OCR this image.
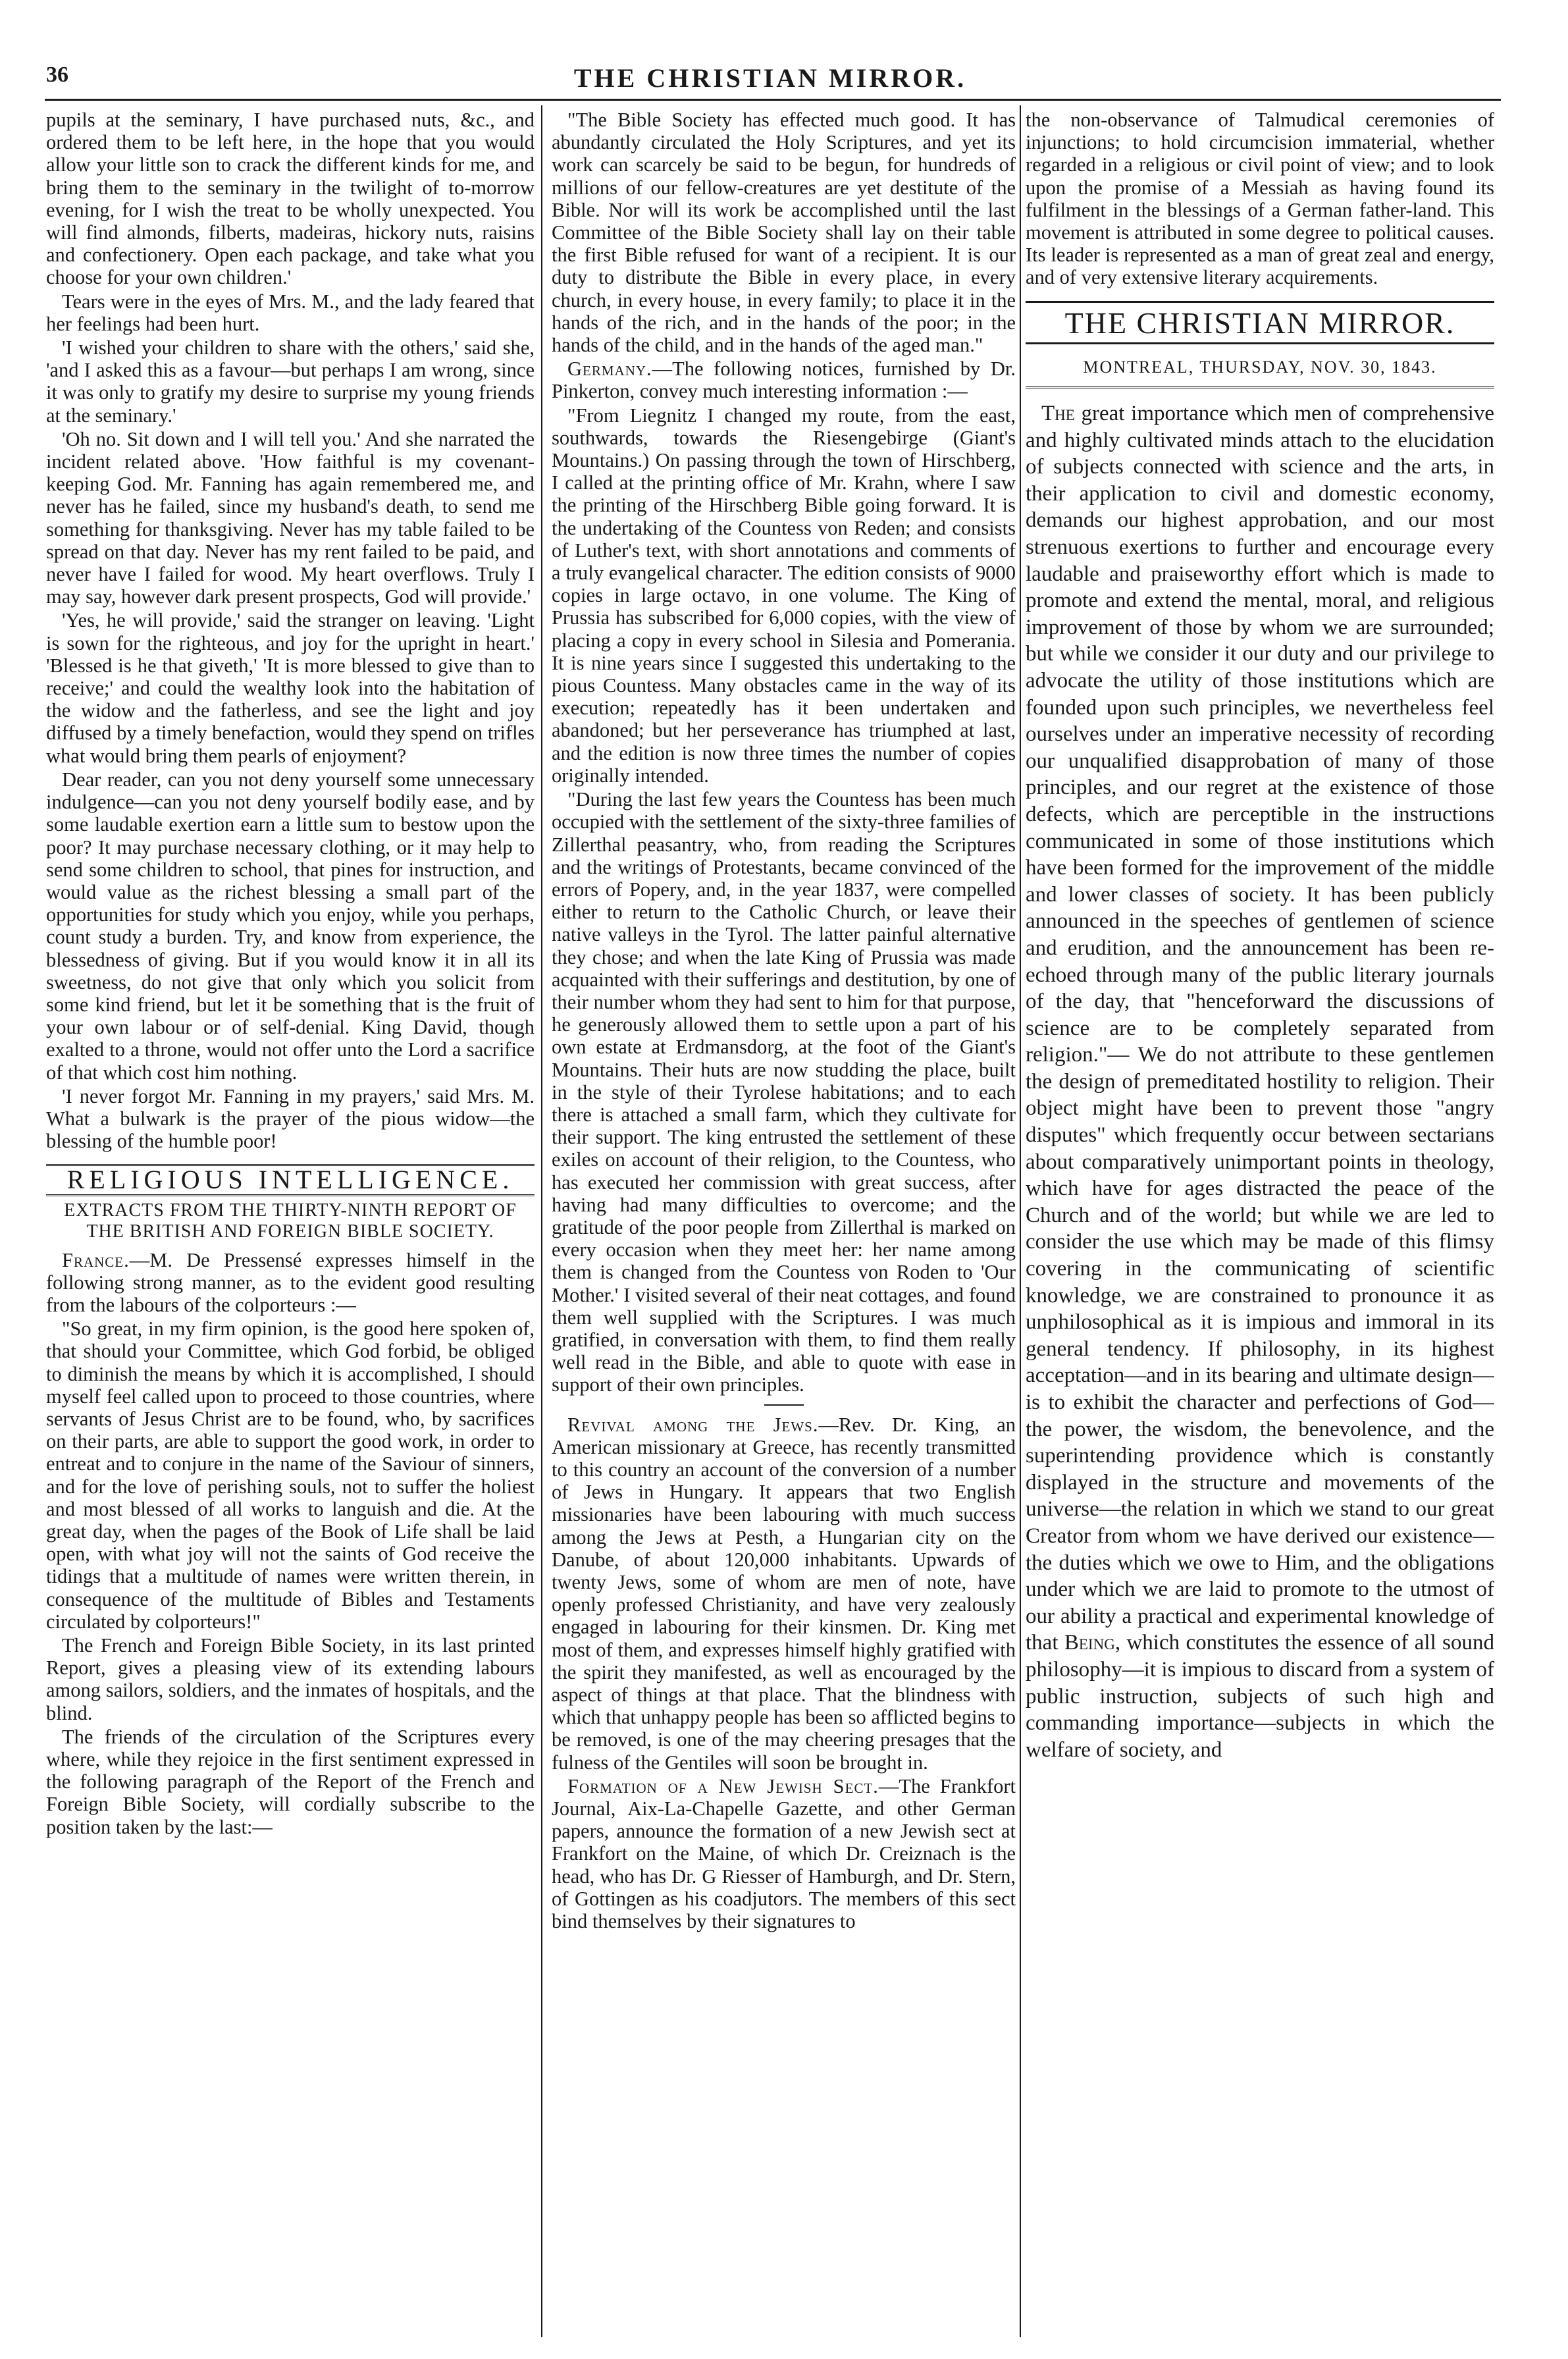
36	THE CHRISTIAN MIRROR.

pupils at the seminary, I have purchased nuts, &c., and ordered them to be left here, in the hope that you would allow your little son to crack the different kinds for me, and bring them to the seminary in the twilight of to-morrow evening, for I wish the treat to be wholly unexpected. You will find almonds, filberts, madeiras, hickory nuts, raisins and confectionery. Open each package, and take what you choose for your own children.'

Tears were in the eyes of Mrs. M., and the lady feared that her feelings had been hurt.

'I wished your children to share with the others,' said she, 'and I asked this as a favour—but perhaps I am wrong, since it was only to gratify my desire to surprise my young friends at the seminary.'

'Oh no. Sit down and I will tell you.' And she narrated the incident related above. 'How faithful is my covenant-keeping God. Mr. Fanning has again remembered me, and never has he failed, since my husband's death, to send me something for thanksgiving. Never has my table failed to be spread on that day. Never has my rent failed to be paid, and never have I failed for wood. My heart overflows. Truly I may say, however dark present prospects, God will provide.'

'Yes, he will provide,' said the stranger on leaving. 'Light is sown for the righteous, and joy for the upright in heart.' 'Blessed is he that giveth,' 'It is more blessed to give than to receive;' and could the wealthy look into the habitation of the widow and the fatherless, and see the light and joy diffused by a timely benefaction, would they spend on trifles what would bring them pearls of enjoyment?

Dear reader, can you not deny yourself some unnecessary indulgence—can you not deny yourself bodily ease, and by some laudable exertion earn a little sum to bestow upon the poor? It may purchase necessary clothing, or it may help to send some children to school, that pines for instruction, and would value as the richest blessing a small part of the opportunities for study which you enjoy, while you perhaps, count study a burden. Try, and know from experience, the blessedness of giving. But if you would know it in all its sweetness, do not give that only which you solicit from some kind friend, but let it be something that is the fruit of your own labour or of self-denial. King David, though exalted to a throne, would not offer unto the Lord a sacrifice of that which cost him nothing.

'I never forgot Mr. Fanning in my prayers,' said Mrs. M. What a bulwark is the prayer of the pious widow—the blessing of the humble poor!

RELIGIOUS INTELLIGENCE.
EXTRACTS FROM THE THIRTY-NINTH REPORT OF THE BRITISH AND FOREIGN BIBLE SOCIETY.

France.—M. De Pressensé expresses himself in the following strong manner, as to the evident good resulting from the labours of the colporteurs :—

"So great, in my firm opinion, is the good here spoken of, that should your Committee, which God forbid, be obliged to diminish the means by which it is accomplished, I should myself feel called upon to proceed to those countries, where servants of Jesus Christ are to be found, who, by sacrifices on their parts, are able to support the good work, in order to entreat and to conjure in the name of the Saviour of sinners, and for the love of perishing souls, not to suffer the holiest and most blessed of all works to languish and die. At the great day, when the pages of the Book of Life shall be laid open, with what joy will not the saints of God receive the tidings that a multitude of names were written therein, in consequence of the multitude of Bibles and Testaments circulated by colporteurs!"

The French and Foreign Bible Society, in its last printed Report, gives a pleasing view of its extending labours among sailors, soldiers, and the inmates of hospitals, and the blind.

The friends of the circulation of the Scriptures every where, while they rejoice in the first sentiment expressed in the following paragraph of the Report of the French and Foreign Bible Society, will cordially subscribe to the position taken by the last:—

"The Bible Society has effected much good. It has abundantly circulated the Holy Scriptures, and yet its work can scarcely be said to be begun, for hundreds of millions of our fellow-creatures are yet destitute of the Bible. Nor will its work be accomplished until the last Committee of the Bible Society shall lay on their table the first Bible refused for want of a recipient. It is our duty to distribute the Bible in every place, in every church, in every house, in every family; to place it in the hands of the rich, and in the hands of the poor; in the hands of the child, and in the hands of the aged man."

Germany.—The following notices, furnished by Dr. Pinkerton, convey much interesting information :—

"From Liegnitz I changed my route, from the east, southwards, towards the Riesengebirge (Giant's Mountains.) On passing through the town of Hirschberg, I called at the printing office of Mr. Krahn, where I saw the printing of the Hirschberg Bible going forward. It is the undertaking of the Countess von Reden; and consists of Luther's text, with short annotations and comments of a truly evangelical character. The edition consists of 9000 copies in large octavo, in one volume. The King of Prussia has subscribed for 6,000 copies, with the view of placing a copy in every school in Silesia and Pomerania. It is nine years since I suggested this undertaking to the pious Countess. Many obstacles came in the way of its execution; repeatedly has it been undertaken and abandoned; but her perseverance has triumphed at last, and the edition is now three times the number of copies originally intended.

"During the last few years the Countess has been much occupied with the settlement of the sixty-three families of Zillerthal peasantry, who, from reading the Scriptures and the writings of Protestants, became convinced of the errors of Popery, and, in the year 1837, were compelled either to return to the Catholic Church, or leave their native valleys in the Tyrol. The latter painful alternative they chose; and when the late King of Prussia was made acquainted with their sufferings and destitution, by one of their number whom they had sent to him for that purpose, he generously allowed them to settle upon a part of his own estate at Erdmansdorg, at the foot of the Giant's Mountains. Their huts are now studding the place, built in the style of their Tyrolese habitations; and to each there is attached a small farm, which they cultivate for their support. The king entrusted the settlement of these exiles on account of their religion, to the Countess, who has executed her commission with great success, after having had many difficulties to overcome; and the gratitude of the poor people from Zillerthal is marked on every occasion when they meet her: her name among them is changed from the Countess von Roden to 'Our Mother.' I visited several of their neat cottages, and found them well supplied with the Scriptures. I was much gratified, in conversation with them, to find them really well read in the Bible, and able to quote with ease in support of their own principles.

Revival among the Jews.—Rev. Dr. King, an American missionary at Greece, has recently transmitted to this country an account of the conversion of a number of Jews in Hungary. It appears that two English missionaries have been labouring with much success among the Jews at Pesth, a Hungarian city on the Danube, of about 120,000 inhabitants. Upwards of twenty Jews, some of whom are men of note, have openly professed Christianity, and have very zealously engaged in labouring for their kinsmen. Dr. King met most of them, and expresses himself highly gratified with the spirit they manifested, as well as encouraged by the aspect of things at that place. That the blindness with which that unhappy people has been so afflicted begins to be removed, is one of the may cheering presages that the fulness of the Gentiles will soon be brought in.

Formation of a New Jewish Sect.—The Frankfort Journal, Aix-La-Chapelle Gazette, and other German papers, announce the formation of a new Jewish sect at Frankfort on the Maine, of which Dr. Creiznach is the head, who has Dr. G Riesser of Hamburgh, and Dr. Stern, of Gottingen as his coadjutors. The members of this sect bind themselves by their signatures to

the non-observance of Talmudical ceremonies of injunctions; to hold circumcision immaterial, whether regarded in a religious or civil point of view; and to look upon the promise of a Messiah as having found its fulfilment in the blessings of a German father-land. This movement is attributed in some degree to political causes. Its leader is represented as a man of great zeal and energy, and of very extensive literary acquirements.

THE CHRISTIAN MIRROR.
MONTREAL, THURSDAY, NOV. 30, 1843.

The great importance which men of comprehensive and highly cultivated minds attach to the elucidation of subjects connected with science and the arts, in their application to civil and domestic economy, demands our highest approbation, and our most strenuous exertions to further and encourage every laudable and praiseworthy effort which is made to promote and extend the mental, moral, and religious improvement of those by whom we are surrounded; but while we consider it our duty and our privilege to advocate the utility of those institutions which are founded upon such principles, we nevertheless feel ourselves under an imperative necessity of recording our unqualified disapprobation of many of those principles, and our regret at the existence of those defects, which are perceptible in the instructions communicated in some of those institutions which have been formed for the improvement of the middle and lower classes of society. It has been publicly announced in the speeches of gentlemen of science and erudition, and the announcement has been re-echoed through many of the public literary journals of the day, that "henceforward the discussions of science are to be completely separated from religion."— We do not attribute to these gentlemen the design of premeditated hostility to religion. Their object might have been to prevent those "angry disputes" which frequently occur between sectarians about comparatively unimportant points in theology, which have for ages distracted the peace of the Church and of the world; but while we are led to consider the use which may be made of this flimsy covering in the communicating of scientific knowledge, we are constrained to pronounce it as unphilosophical as it is impious and immoral in its general tendency. If philosophy, in its highest acceptation—and in its bearing and ultimate design—is to exhibit the character and perfections of God—the power, the wisdom, the benevolence, and the superintending providence which is constantly displayed in the structure and movements of the universe—the relation in which we stand to our great Creator from whom we have derived our existence—the duties which we owe to Him, and the obligations under which we are laid to promote to the utmost of our ability a practical and experimental knowledge of that Being, which constitutes the essence of all sound philosophy—it is impious to discard from a system of public instruction, subjects of such high and commanding importance—subjects in which the welfare of society, and
